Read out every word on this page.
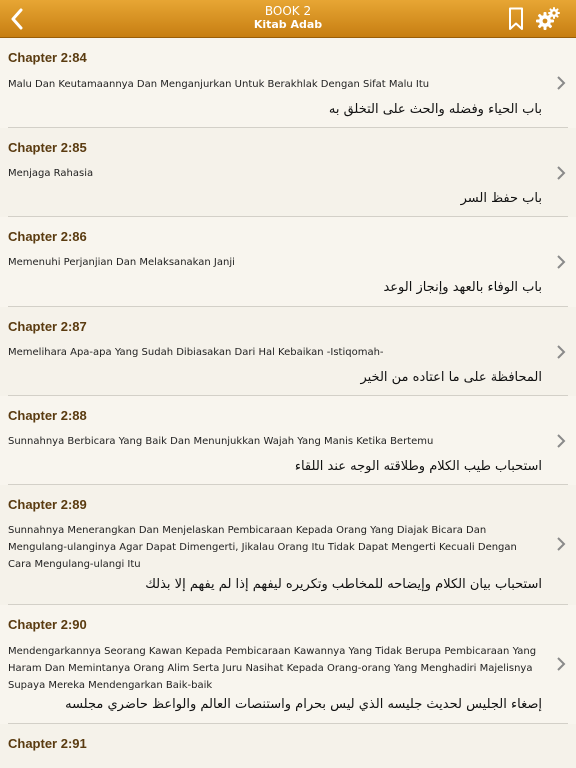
BOOK 2
Kitab Adab
Chapter 2:84
Malu Dan Keutamaannya Dan Menganjurkan Untuk Berakhlak Dengan Sifat Malu Itu
باب الحياء وفضله والحث على التخلق به
Chapter 2:85
Menjaga Rahasia
باب حفظ السر
Chapter 2:86
Memenuhi Perjanjian Dan Melaksanakan Janji
باب الوفاء بالعهد وإنجاز الوعد
Chapter 2:87
Memelihara Apa-apa Yang Sudah Dibiasakan Dari Hal Kebaikan -Istiqomah-
المحافظة على ما اعتاده من الخير
Chapter 2:88
Sunnahnya Berbicara Yang Baik Dan Menunjukkan Wajah Yang Manis Ketika Bertemu
استحباب طيب الكلام وطلاقته الوجه عند اللقاء
Chapter 2:89
Sunnahnya Menerangkan Dan Menjelaskan Pembicaraan Kepada Orang Yang Diajak Bicara Dan Mengulang-ulanginya Agar Dapat Dimengerti, Jikalau Orang Itu Tidak Dapat Mengerti Kecuali Dengan Cara Mengulang-ulangi Itu
استحباب بيان الكلام وإيضاحه للمخاطب وتكريره ليفهم إذا لم يفهم إلا بذلك
Chapter 2:90
Mendengarkannya Seorang Kawan Kepada Pembicaraan Kawannya Yang Tidak Berupa Pembicaraan Yang Haram Dan Memintanya Orang Alim Serta Juru Nasihat Kepada Orang-orang Yang Menghadiri Majelisnya Supaya Mereka Mendengarkan Baik-baik
إصغاء الجليس لحديث جليسه الذي ليس بحرام واستنصات العالم والواعظ حاضري مجلسه
Chapter 2:91
